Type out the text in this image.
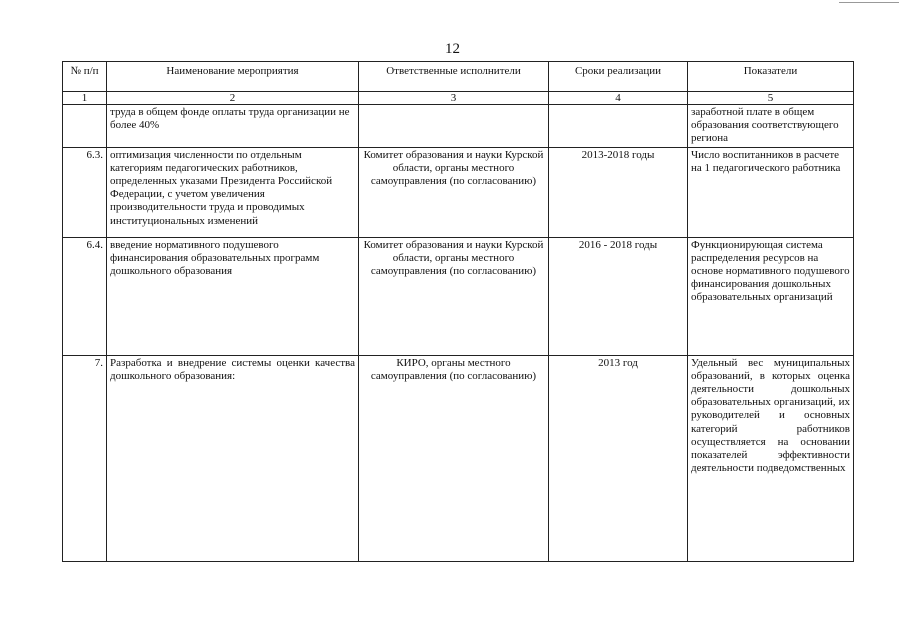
12
№ п/п	Наименование мероприятия	Ответственные исполнители	Сроки реализации	Показатели
1	2	3	4	5
	труда в общем фонде оплаты труда организации не более 40%			заработной плате в общем образования соответствующего региона
6.3.	оптимизация численности по отдельным категориям педагогических работников, определенных указами Президента Российской Федерации, с учетом увеличения производительности труда и проводимых институциональных изменений	Комитет образования и науки Курской области, органы местного самоуправления (по согласованию)	2013-2018 годы	Число воспитанников в расчете на 1 педагогического работника
6.4.	введение нормативного подушевого финансирования образовательных программ дошкольного образования	Комитет образования и науки Курской области, органы местного самоуправления (по согласованию)	2016 - 2018 годы	Функционирующая система распределения ресурсов на основе нормативного подушевого финансирования дошкольных образовательных организаций
7.	Разработка и внедрение системы оценки качества дошкольного образования:	КИРО, органы местного самоуправления (по согласованию)	2013 год	Удельный вес муниципальных образований, в которых оценка деятельности дошкольных образовательных организаций, их руководителей и основных категорий работников осуществляется на основании показателей эффективности деятельности подведомственных
